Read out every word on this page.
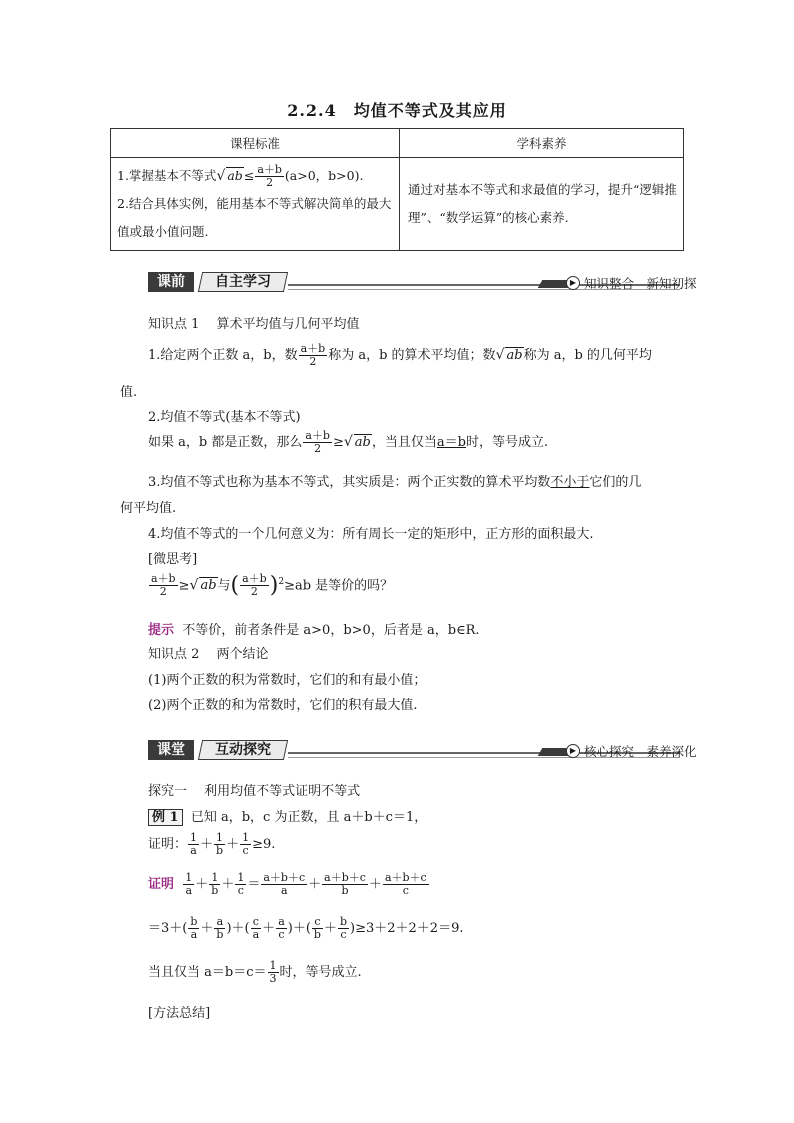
2.2.4　均值不等式及其应用
课程标准	学科素养
1.掌握基本不等式√ $ab\le \frac{a+b}{2} (a>0$，b>0).
2.结合具体实例，能用基本不等式解决简单的最大值或最小值问题.	通过对基本不等式和求最值的学习，提升“逻辑推理”、“数学运算”的核心素养.
课前	自主学习	▶ 知识整合　新知初探
知识点 1　 算术平均值与几何平均值
1.给定两个正数 a，b，数 $\frac{a+b}{2}$ 称为 a，b 的算术平均值；数√ ab称为 a，b 的几何平均
值.
2.均值不等式(基本不等式)
如果 a，b 都是正数，那么 $\frac{a+b}{2}$ ≥√ ab，当且仅当a＝b时，等号成立.
3.均值不等式也称为基本不等式，其实质是：两个正实数的算术平均数不小于它们的几
何平均值.
4.均值不等式的一个几何意义为：所有周长一定的矩形中，正方形的面积最大.
[微思考]
$\frac{a+b}{2}$ ≥√ ab与( $\frac{a+b}{2} )^2\ge ab$ 是等价的吗？
提示 不等价，前者条件是 a>0，b>0，后者是 a，b∈R.
知识点 2　 两个结论
(1)两个正数的积为常数时，它们的和有最小值；
(2)两个正数的和为常数时，它们的积有最大值.
课堂	互动探究	▶ 核心探究　素养深化
探究一　 利用均值不等式证明不等式
例 1 已知 a，b，c 为正数，且 a＋b＋c＝1，
证明： $\frac{1}{a} + \frac{1}{b} + \frac{1}{c} \ge 9$.
证明 $\frac{1}{a} + \frac{1}{b} + \frac{1}{c} = \frac{a+b+c}{a} + \frac{a+b+c}{b} + \frac{a+b+c}{c}$
$=3+( \frac{b}{a} + \frac{a}{b}$ )＋( $\frac{c}{a} + \frac{a}{c}$ )＋( $\frac{c}{b} + \frac{b}{c} )\ge 3+2+2+2=9$.
当且仅当 $a=b=c= \frac{1}{3}$ 时，等号成立.
[方法总结]
